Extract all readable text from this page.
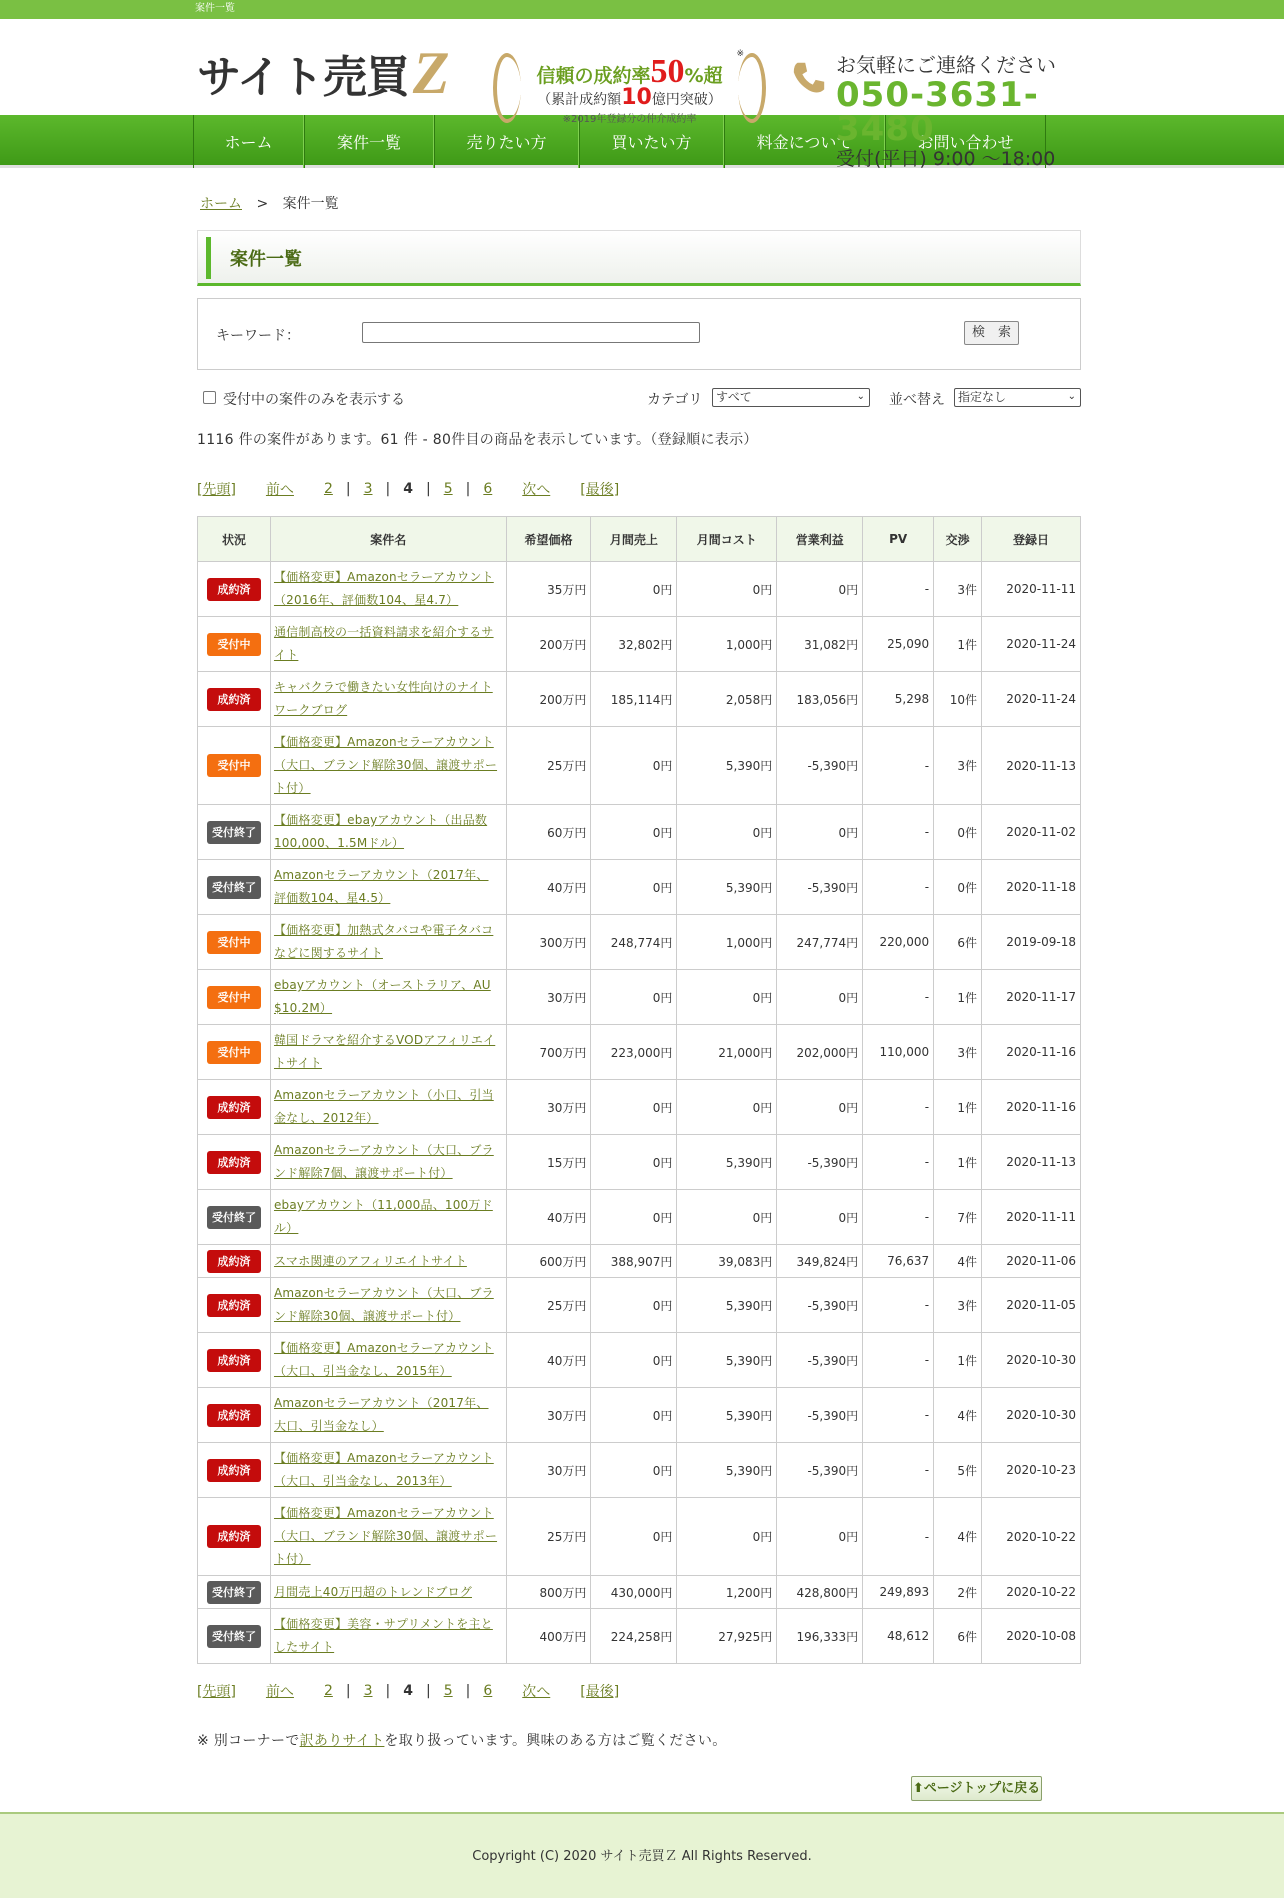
案件一覧
サイト売買 Z	※
信頼の成約率50%超
（累計成約額10億円突破）
※2019年登録分の仲介成約率
お気軽にご連絡ください
050-3631-3480
受付(平日) 9:00 ～18:00
ホーム	案件一覧	売りたい方	買いたい方	料金について	お問い合わせ
ホーム > 案件一覧
案件一覧
キーワード：	検　索
受付中の案件のみを表示する	カテゴリ	すべて	⌄ 並べ替え	指定なし	⌄
1116 件の案件があります。61 件 - 80件目の商品を表示しています。（登録順に表示）
[先頭] 前へ 2 | 3 | 4 | 5 | 6 次へ [最後]
状況	案件名	希望価格	月間売上	月間コスト	営業利益	PV	交渉	登録日
成約済	【価格変更】Amazonセラーアカウント（2016年、評価数104、星4.7）	35万円	0円	0円	0円	-	3件	2020-11-11
受付中	通信制高校の一括資料請求を紹介するサイト	200万円	32,802円	1,000円	31,082円	25,090	1件	2020-11-24
成約済	キャバクラで働きたい女性向けのナイトワークブログ	200万円	185,114円	2,058円	183,056円	5,298	10件	2020-11-24
受付中	【価格変更】Amazonセラーアカウント（大口、ブランド解除30個、譲渡サポート付）	25万円	0円	5,390円	-5,390円	-	3件	2020-11-13
受付終了	【価格変更】ebayアカウント（出品数100,000、1.5Mドル）	60万円	0円	0円	0円	-	0件	2020-11-02
受付終了	Amazonセラーアカウント（2017年、評価数104、星4.5）	40万円	0円	5,390円	-5,390円	-	0件	2020-11-18
受付中	【価格変更】加熱式タバコや電子タバコなどに関するサイト	300万円	248,774円	1,000円	247,774円	220,000	6件	2019-09-18
受付中	ebayアカウント（オーストラリア、AU $10.2M）	30万円	0円	0円	0円	-	1件	2020-11-17
受付中	韓国ドラマを紹介するVODアフィリエイトサイト	700万円	223,000円	21,000円	202,000円	110,000	3件	2020-11-16
成約済	Amazonセラーアカウント（小口、引当金なし、2012年）	30万円	0円	0円	0円	-	1件	2020-11-16
成約済	Amazonセラーアカウント（大口、ブランド解除7個、譲渡サポート付）	15万円	0円	5,390円	-5,390円	-	1件	2020-11-13
受付終了	ebayアカウント（11,000品、100万ドル）	40万円	0円	0円	0円	-	7件	2020-11-11
成約済	スマホ関連のアフィリエイトサイト	600万円	388,907円	39,083円	349,824円	76,637	4件	2020-11-06
成約済	Amazonセラーアカウント（大口、ブランド解除30個、譲渡サポート付）	25万円	0円	5,390円	-5,390円	-	3件	2020-11-05
成約済	【価格変更】Amazonセラーアカウント（大口、引当金なし、2015年）	40万円	0円	5,390円	-5,390円	-	1件	2020-10-30
成約済	Amazonセラーアカウント（2017年、大口、引当金なし）	30万円	0円	5,390円	-5,390円	-	4件	2020-10-30
成約済	【価格変更】Amazonセラーアカウント（大口、引当金なし、2013年）	30万円	0円	5,390円	-5,390円	-	5件	2020-10-23
成約済	【価格変更】Amazonセラーアカウント（大口、ブランド解除30個、譲渡サポート付）	25万円	0円	0円	0円	-	4件	2020-10-22
受付終了	月間売上40万円超のトレンドブログ	800万円	430,000円	1,200円	428,800円	249,893	2件	2020-10-22
受付終了	【価格変更】美容・サプリメントを主としたサイト	400万円	224,258円	27,925円	196,333円	48,612	6件	2020-10-08
[先頭] 前へ 2 | 3 | 4 | 5 | 6 次へ [最後]
※ 別コーナーで訳ありサイトを取り扱っています。興味のある方はご覧ください。
⬆ページトップに戻る
Copyright (C) 2020 サイト売買Ｚ All Rights Reserved.
